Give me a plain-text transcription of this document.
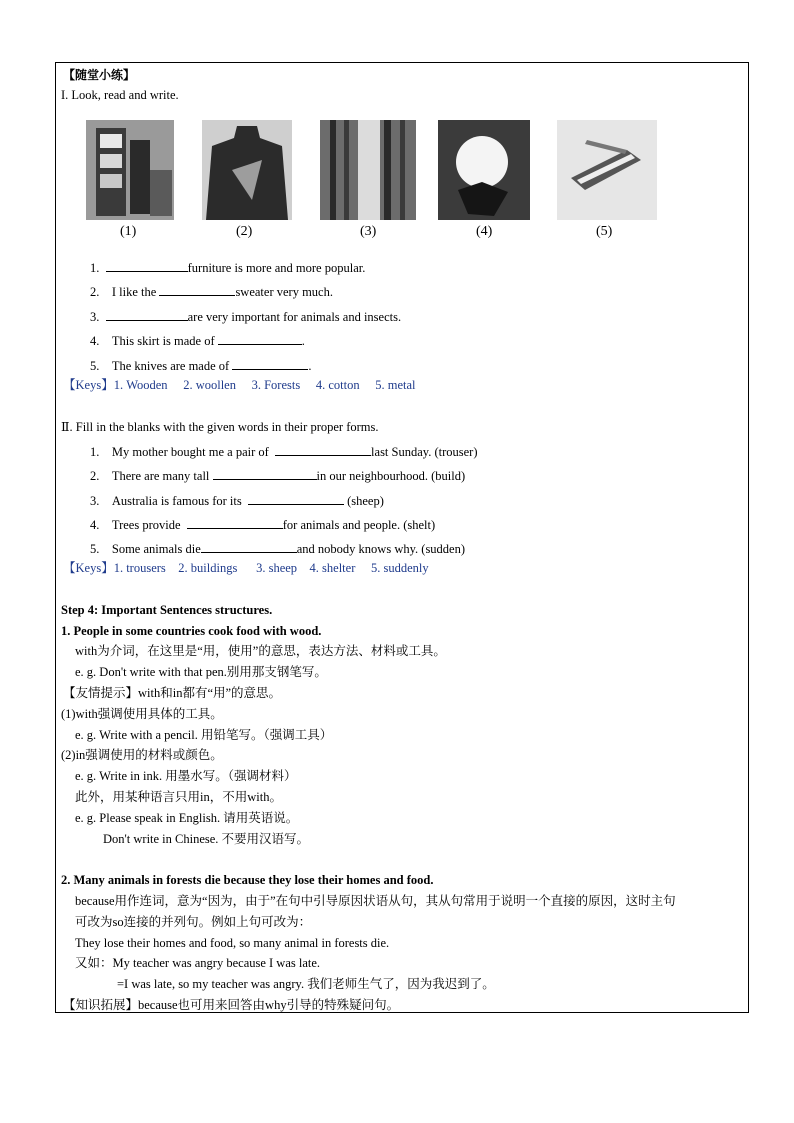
【随堂小练】
I. Look, read and write.
(1)	(2)	(3)	(4)	(5)
1.	furniture is more and more popular.
2. I like the	sweater very much.
3.	are very important for animals and insects.
4. This skirt is made of	.
5. The knives are made of	.
【Keys】1. Wooden 2. woollen 3. Forests 4. cotton 5. metal
Ⅱ. Fill in the blanks with the given words in their proper forms.
1. My mother bought me a pair of	last Sunday. (trouser)
2. There are many tall	in our neighbourhood. (build)
3. Australia is famous for its	(sheep)
4. Trees provide	for animals and people. (shelt)
5. Some animals die	and nobody knows why. (sudden)
【Keys】1. trousers 2. buildings 3. sheep 4. shelter 5. suddenly
Step 4: Important Sentences structures.
1. People in some countries cook food with wood.
with为介词，在这里是“用，使用”的意思，表达方法、材料或工具。
e. g. Don't write with that pen.别用那支钢笔写。
【友情提示】with和in都有“用”的意思。
(1)with强调使用具体的工具。
e. g. Write with a pencil. 用铅笔写。（强调工具）
(2)in强调使用的材料或颜色。
e. g. Write in ink. 用墨水写。（强调材料）
此外，用某种语言只用in，不用with。
e. g. Please speak in English. 请用英语说。
Don't write in Chinese. 不要用汉语写。
2. Many animals in forests die because they lose their homes and food.
because用作连词，意为“因为，由于”在句中引导原因状语从句，其从句常用于说明一个直接的原因，这时主句
可改为so连接的并列句。例如上句可改为：
They lose their homes and food, so many animal in forests die.
又如：My teacher was angry because I was late.
=I was late, so my teacher was angry. 我们老师生气了，因为我迟到了。
【知识拓展】because也可用来回答由why引导的特殊疑问句。
